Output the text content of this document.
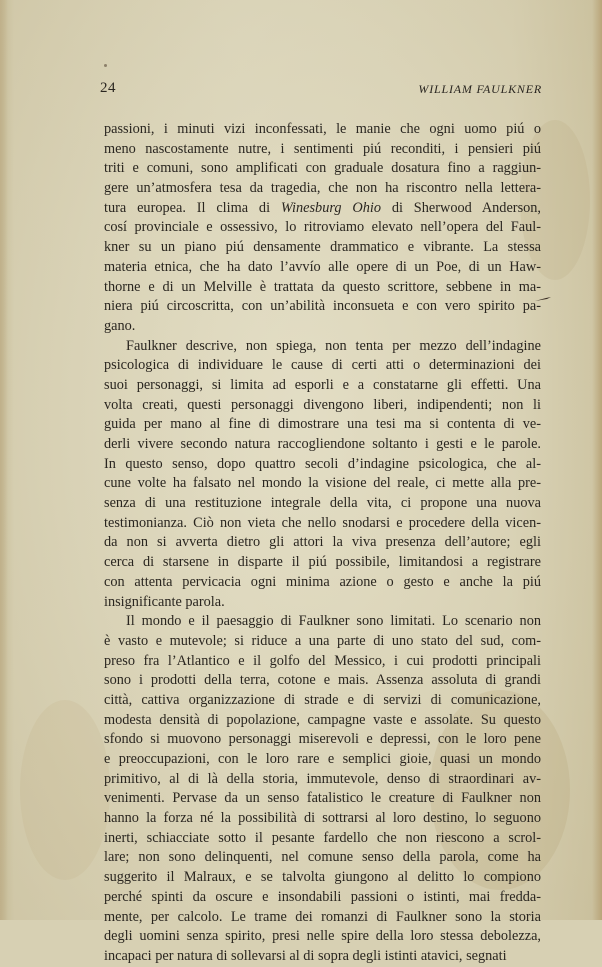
24	WILLIAM FAULKNER
passioni, i minuti vizi inconfessati, le manie che ogni uomo piú o
meno nascostamente nutre, i sentimenti piú reconditi, i pensieri piú
triti e comuni, sono amplificati con graduale dosatura fino a raggiun-
gere un’atmosfera tesa da tragedia, che non ha riscontro nella lettera-
tura europea. Il clima di Winesburg Ohio di Sherwood Anderson,
cosí provinciale e ossessivo, lo ritroviamo elevato nell’opera del Faul-
kner su un piano piú densamente drammatico e vibrante. La stessa
materia etnica, che ha dato l’avvío alle opere di un Poe, di un Haw-
thorne e di un Melville è trattata da questo scrittore, sebbene in ma-
niera piú circoscritta, con un’abilità inconsueta e con vero spirito pa-
gano.
Faulkner descrive, non spiega, non tenta per mezzo dell’indagine
psicologica di individuare le cause di certi atti o determinazioni dei
suoi personaggi, si limita ad esporli e a constatarne gli effetti. Una
volta creati, questi personaggi divengono liberi, indipendenti; non li
guida per mano al fine di dimostrare una tesi ma si contenta di ve-
derli vivere secondo natura raccogliendone soltanto i gesti e le parole.
In questo senso, dopo quattro secoli d’indagine psicologica, che al-
cune volte ha falsato nel mondo la visione del reale, ci mette alla pre-
senza di una restituzione integrale della vita, ci propone una nuova
testimonianza. Ciò non vieta che nello snodarsi e procedere della vicen-
da non si avverta dietro gli attori la viva presenza dell’autore; egli
cerca di starsene in disparte il piú possibile, limitandosi a registrare
con attenta pervicacia ogni minima azione o gesto e anche la piú
insignificante parola.
Il mondo e il paesaggio di Faulkner sono limitati. Lo scenario non
è vasto e mutevole; si riduce a una parte di uno stato del sud, com-
preso fra l’Atlantico e il golfo del Messico, i cui prodotti principali
sono i prodotti della terra, cotone e mais. Assenza assoluta di grandi
città, cattiva organizzazione di strade e di servizi di comunicazione,
modesta densità di popolazione, campagne vaste e assolate. Su questo
sfondo si muovono personaggi miserevoli e depressi, con le loro pene
e preoccupazioni, con le loro rare e semplici gioie, quasi un mondo
primitivo, al di là della storia, immutevole, denso di straordinari av-
venimenti. Pervase da un senso fatalistico le creature di Faulkner non
hanno la forza né la possibilità di sottrarsi al loro destino, lo seguono
inerti, schiacciate sotto il pesante fardello che non riescono a scrol-
lare; non sono delinquenti, nel comune senso della parola, come ha
suggerito il Malraux, e se talvolta giungono al delitto lo compiono
perché spinti da oscure e insondabili passioni o istinti, mai fredda-
mente, per calcolo. Le trame dei romanzi di Faulkner sono la storia
degli uomini senza spirito, presi nelle spire della loro stessa debolezza,
incapaci per natura di sollevarsi al di sopra degli istinti atavici, segnati
